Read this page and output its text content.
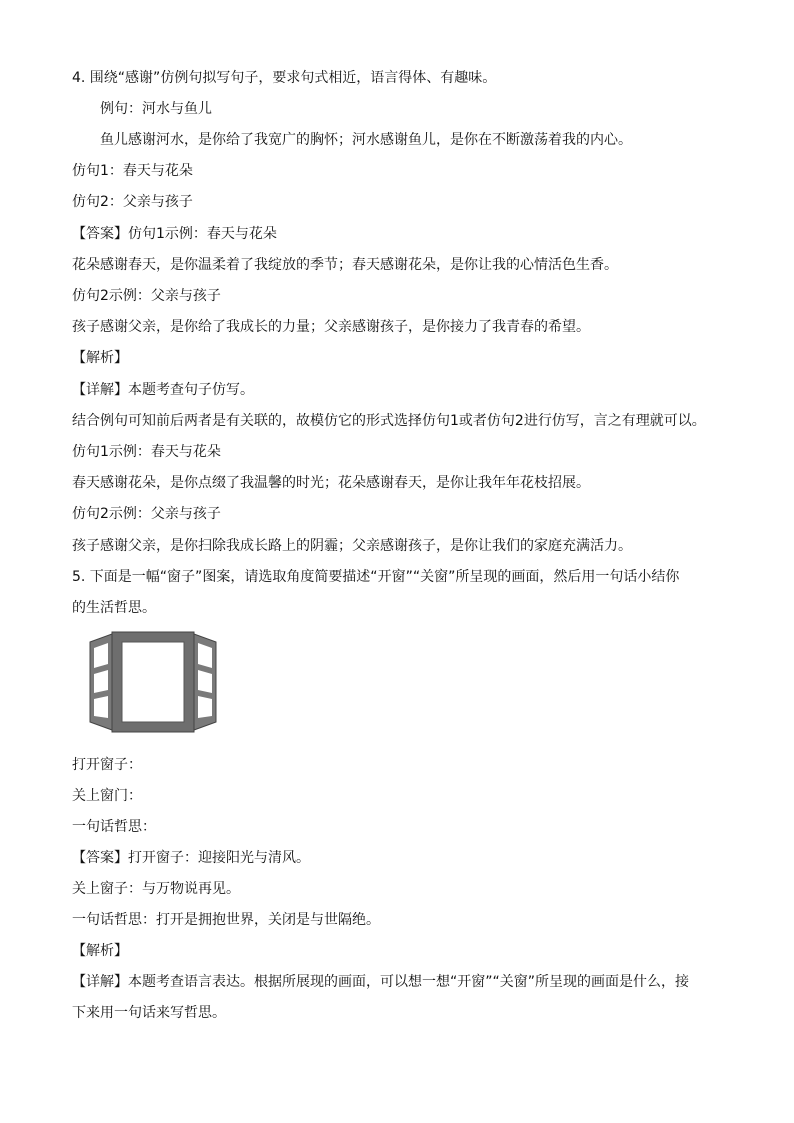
4. 围绕“感谢”仿例句拟写句子，要求句式相近，语言得体、有趣味。
例句：河水与鱼儿
鱼儿感谢河水，是你给了我宽广的胸怀；河水感谢鱼儿，是你在不断激荡着我的内心。
仿句1：春天与花朵
仿句2：父亲与孩子
【答案】仿句1示例：春天与花朵
花朵感谢春天，是你温柔着了我绽放的季节；春天感谢花朵，是你让我的心情活色生香。
仿句2示例：父亲与孩子
孩子感谢父亲，是你给了我成长的力量；父亲感谢孩子，是你接力了我青春的希望。
【解析】
【详解】本题考查句子仿写。
结合例句可知前后两者是有关联的，故模仿它的形式选择仿句1或者仿句2进行仿写，言之有理就可以。
仿句1示例：春天与花朵
春天感谢花朵，是你点缀了我温馨的时光；花朵感谢春天，是你让我年年花枝招展。
仿句2示例：父亲与孩子
孩子感谢父亲，是你扫除我成长路上的阴霾；父亲感谢孩子，是你让我们的家庭充满活力。
5. 下面是一幅“窗子”图案，请选取角度简要描述“开窗”“关窗”所呈现的画面，然后用一句话小结你
的生活哲思。
打开窗子：
关上窗门：
一句话哲思：
【答案】打开窗子：迎接阳光与清风。
关上窗子：与万物说再见。
一句话哲思：打开是拥抱世界，关闭是与世隔绝。
【解析】
【详解】本题考查语言表达。根据所展现的画面，可以想一想“开窗”“关窗”所呈现的画面是什么，接
下来用一句话来写哲思。
